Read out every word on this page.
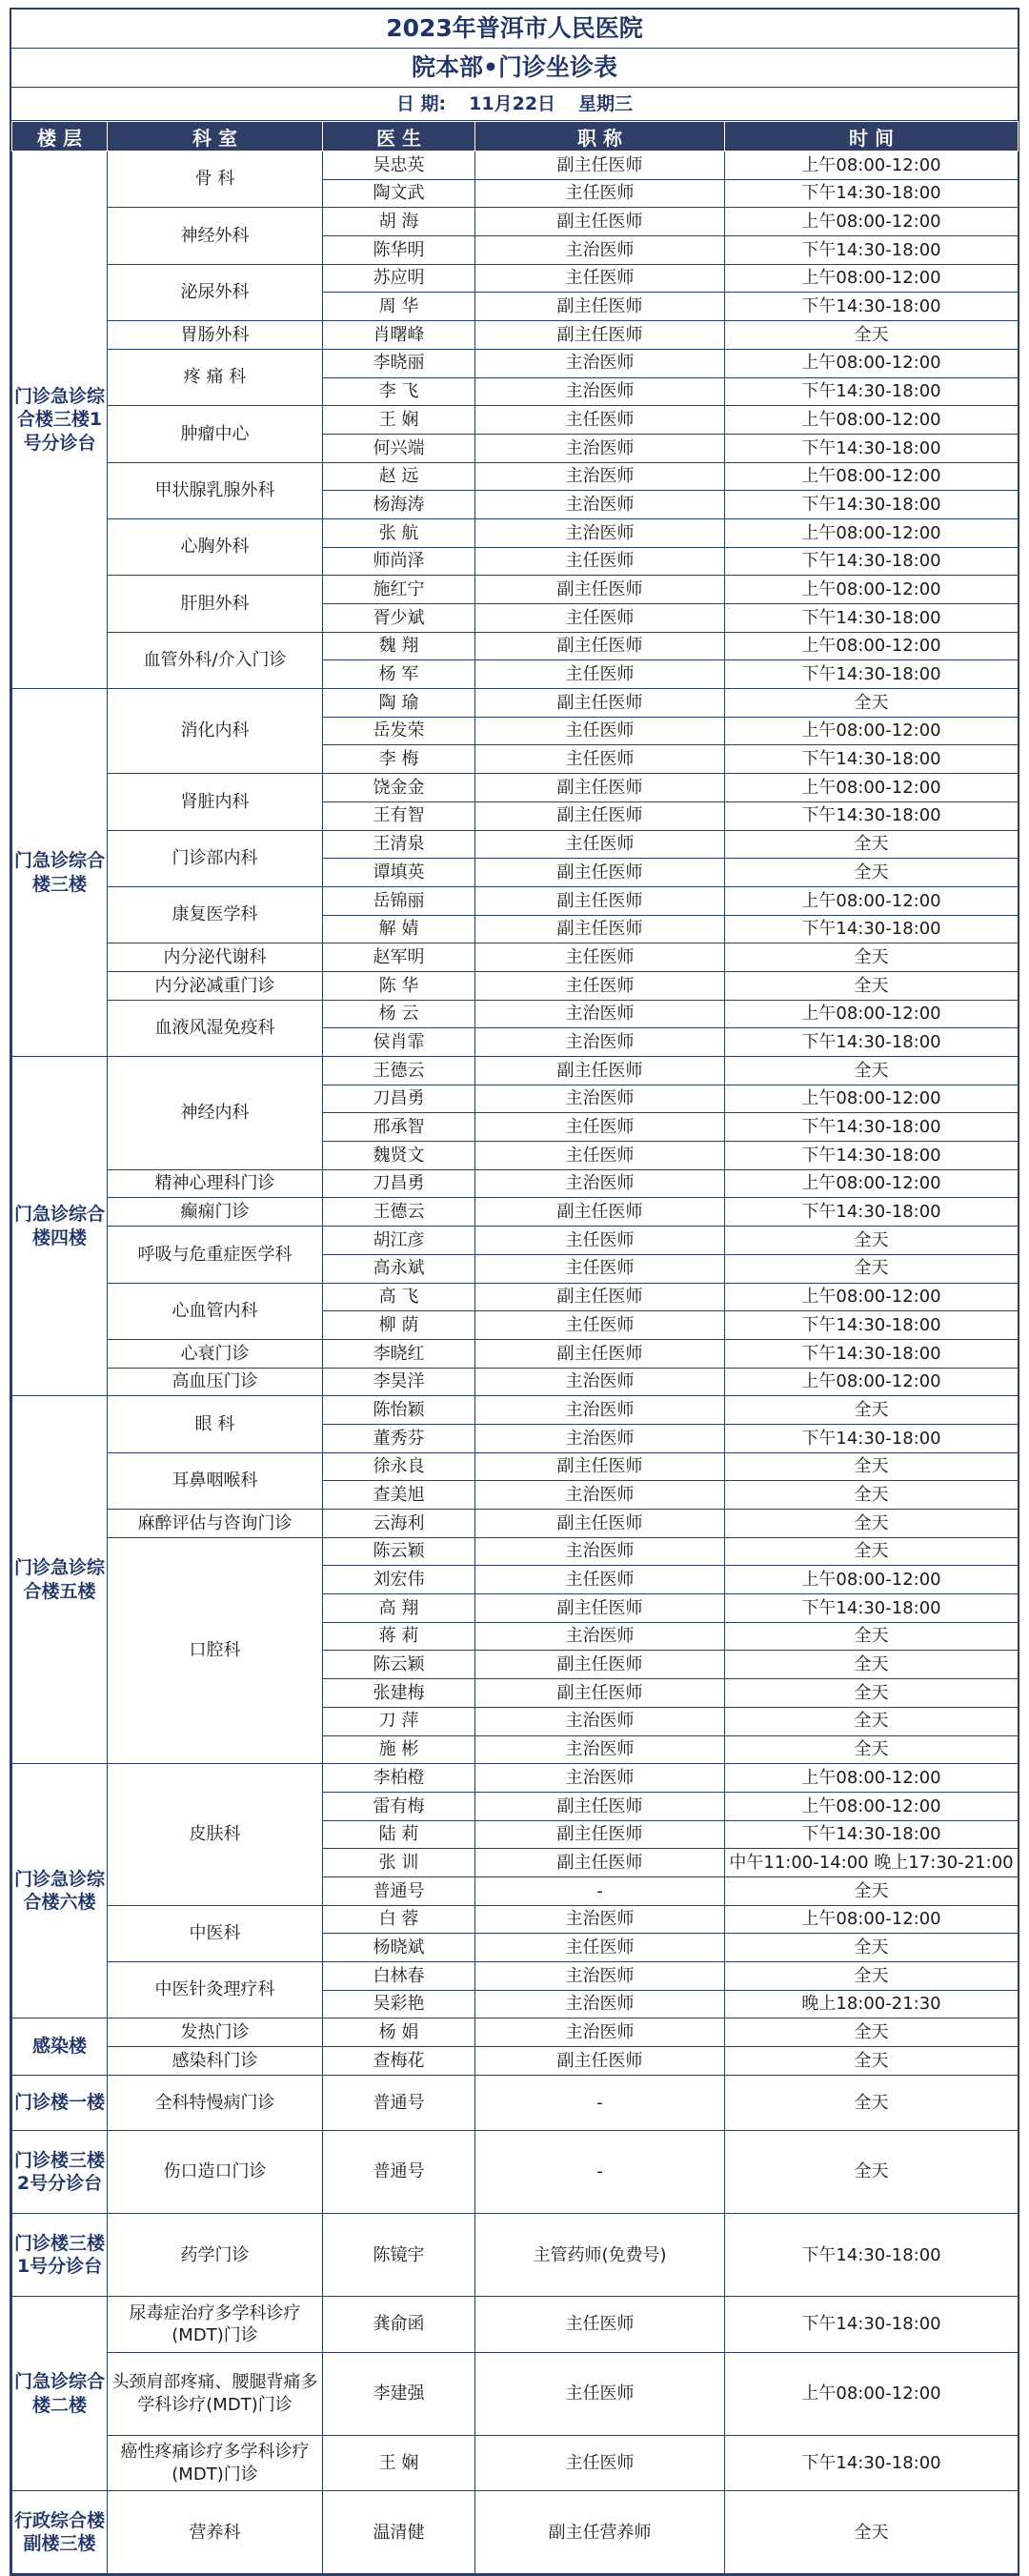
2023年普洱市人民医院
院本部•门诊坐诊表
日 期: 11月22日 星期三
楼 层	科 室	医 生	职 称	时 间
门诊急诊综合楼三楼1号分诊台	骨 科	吴忠英	副主任医师	上午08:00-12:00
		陶文武	主任医师	下午14:30-18:00
	神经外科	胡 海	副主任医师	上午08:00-12:00
		陈华明	主治医师	下午14:30-18:00
	泌尿外科	苏应明	主任医师	上午08:00-12:00
		周 华	副主任医师	下午14:30-18:00
	胃肠外科	肖曙峰	副主任医师	全天
	疼 痛 科	李晓丽	主治医师	上午08:00-12:00
		李 飞	主治医师	下午14:30-18:00
	肿瘤中心	王 娴	主任医师	上午08:00-12:00
		何兴端	主治医师	下午14:30-18:00
	甲状腺乳腺外科	赵 远	主治医师	上午08:00-12:00
		杨海涛	主治医师	下午14:30-18:00
	心胸外科	张 航	主治医师	上午08:00-12:00
		师尚泽	主任医师	下午14:30-18:00
	肝胆外科	施红宁	副主任医师	上午08:00-12:00
		胥少斌	主任医师	下午14:30-18:00
	血管外科/介入门诊	魏 翔	副主任医师	上午08:00-12:00
		杨 军	主任医师	下午14:30-18:00
门急诊综合楼三楼	消化内科	陶 瑜	副主任医师	全天
		岳发荣	主任医师	上午08:00-12:00
		李 梅	主任医师	下午14:30-18:00
	肾脏内科	饶金金	副主任医师	上午08:00-12:00
		王有智	副主任医师	下午14:30-18:00
	门诊部内科	王清泉	主任医师	全天
		谭填英	副主任医师	全天
	康复医学科	岳锦丽	副主任医师	上午08:00-12:00
		解 婧	副主任医师	下午14:30-18:00
	内分泌代谢科	赵军明	主任医师	全天
	内分泌减重门诊	陈 华	主任医师	全天
	血液风湿免疫科	杨 云	主治医师	上午08:00-12:00
		侯肖霏	主治医师	下午14:30-18:00
门急诊综合楼四楼	神经内科	王德云	副主任医师	全天
		刀昌勇	主治医师	上午08:00-12:00
		邢承智	主任医师	下午14:30-18:00
		魏贤文	主任医师	下午14:30-18:00
	精神心理科门诊	刀昌勇	主治医师	上午08:00-12:00
	癫痫门诊	王德云	副主任医师	下午14:30-18:00
	呼吸与危重症医学科	胡江彦	主任医师	全天
		高永斌	主任医师	全天
	心血管内科	高 飞	副主任医师	上午08:00-12:00
		柳 荫	主任医师	下午14:30-18:00
	心衰门诊	李晓红	副主任医师	下午14:30-18:00
	高血压门诊	李昊洋	主治医师	上午08:00-12:00
门诊急诊综合楼五楼	眼 科	陈怡颖	主治医师	全天
		董秀芬	主治医师	下午14:30-18:00
	耳鼻咽喉科	徐永良	副主任医师	全天
		查美旭	主治医师	全天
	麻醉评估与咨询门诊	云海利	副主任医师	全天
	口腔科	陈云颖	主治医师	全天
		刘宏伟	主任医师	上午08:00-12:00
		高 翔	副主任医师	下午14:30-18:00
		蒋 莉	主治医师	全天
		陈云颖	副主任医师	全天
		张建梅	副主任医师	全天
		刀 萍	主治医师	全天
		施 彬	主治医师	全天
门诊急诊综合楼六楼	皮肤科	李柏橙	主治医师	上午08:00-12:00
		雷有梅	副主任医师	上午08:00-12:00
		陆 莉	副主任医师	下午14:30-18:00
		张 训	副主任医师	中午11:00-14:00 晚上17:30-21:00
		普通号	-	全天
	中医科	白 蓉	主治医师	上午08:00-12:00
		杨晓斌	主任医师	全天
	中医针灸理疗科	白林春	主治医师	全天
		吴彩艳	主治医师	晚上18:00-21:30
感染楼	发热门诊	杨 娟	主治医师	全天
	感染科门诊	查梅花	副主任医师	全天
门诊楼一楼	全科特慢病门诊	普通号	-	全天
门诊楼三楼2号分诊台	伤口造口门诊	普通号	-	全天
门诊楼三楼1号分诊台	药学门诊	陈镜宇	主管药师(免费号)	下午14:30-18:00
门急诊综合楼二楼	尿毒症治疗多学科诊疗(MDT)门诊	龚俞函	主任医师	下午14:30-18:00
	头颈肩部疼痛、腰腿背痛多学科诊疗(MDT)门诊	李建强	主任医师	上午08:00-12:00
	癌性疼痛诊疗多学科诊疗(MDT)门诊	王 娴	主任医师	下午14:30-18:00
行政综合楼副楼三楼	营养科	温清健	副主任营养师	全天
